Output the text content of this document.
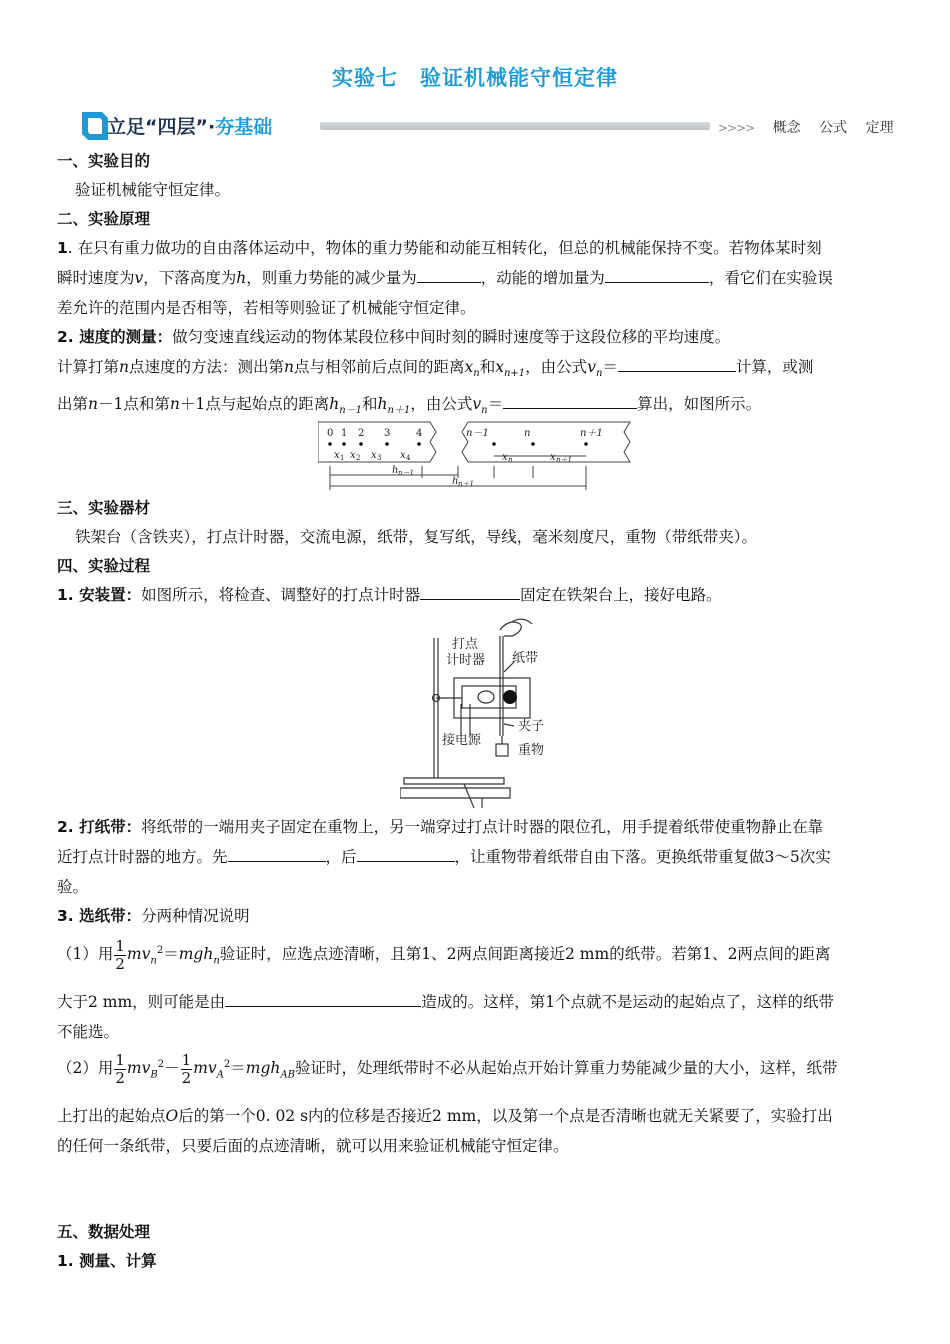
实验七　验证机械能守恒定律
立足“四层”·夯基础	>>>> 概念 公式 定理
一、实验目的
验证机械能守恒定律。
二、实验原理
1. 在只有重力做功的自由落体运动中，物体的重力势能和动能互相转化，但总的机械能保持不变。若物体某时刻
瞬时速度为v，下落高度为h，则重力势能的减少量为	，动能的增加量为	，看它们在实验误
差允许的范围内是否相等，若相等则验证了机械能守恒定律。
2. 速度的测量：做匀变速直线运动的物体某段位移中间时刻的瞬时速度等于这段位移的平均速度。
计算打第n点速度的方法：测出第n点与相邻前后点间的距离$x_n$和$x_{n+1}$，由公式$v_n=$	计算，或测
出第n－1点和第n＋1点与起始点的距离$h_{n-1}$和$h_{n+1}$，由公式$v_n=$	算出，如图所示。
0 1 2 3	4
x 1 x 2 x 3 x 4
n－1	n	n＋1
x n	x n＋1
h n－1
h n＋1
三、实验器材
铁架台（含铁夹），打点计时器，交流电源，纸带，复写纸，导线，毫米刻度尺，重物（带纸带夹）。
四、实验过程
1. 安装置：如图所示，将检查、调整好的打点计时器	固定在铁架台上，接好电路。
打点
计时器 纸带
夹子
接电源
重物
2. 打纸带：将纸带的一端用夹子固定在重物上，另一端穿过打点计时器的限位孔，用手提着纸带使重物静止在靠
近打点计时器的地方。先	，后	，让重物带着纸带自由下落。更换纸带重复做3～5次实
验。
3. 选纸带：分两种情况说明
（1）用 $\frac{1}{2} mv_n^2=mgh_n$验证时，应选点迹清晰，且第1、2两点间距离接近2 mm的纸带。若第1、2两点间的距离
大于2 mm，则可能是由	造成的。这样，第1个点就不是运动的起始点了，这样的纸带
不能选。
（2）用 $\frac{1}{2} mv_B^2- \frac{1}{2} mv_A^2=mgh_{AB}$验证时，处理纸带时不必从起始点开始计算重力势能减少量的大小，这样，纸带
上打出的起始点O后的第一个0. 02 s内的位移是否接近2 mm，以及第一个点是否清晰也就无关紧要了，实验打出
的任何一条纸带，只要后面的点迹清晰，就可以用来验证机械能守恒定律。
五、数据处理
1. 测量、计算
